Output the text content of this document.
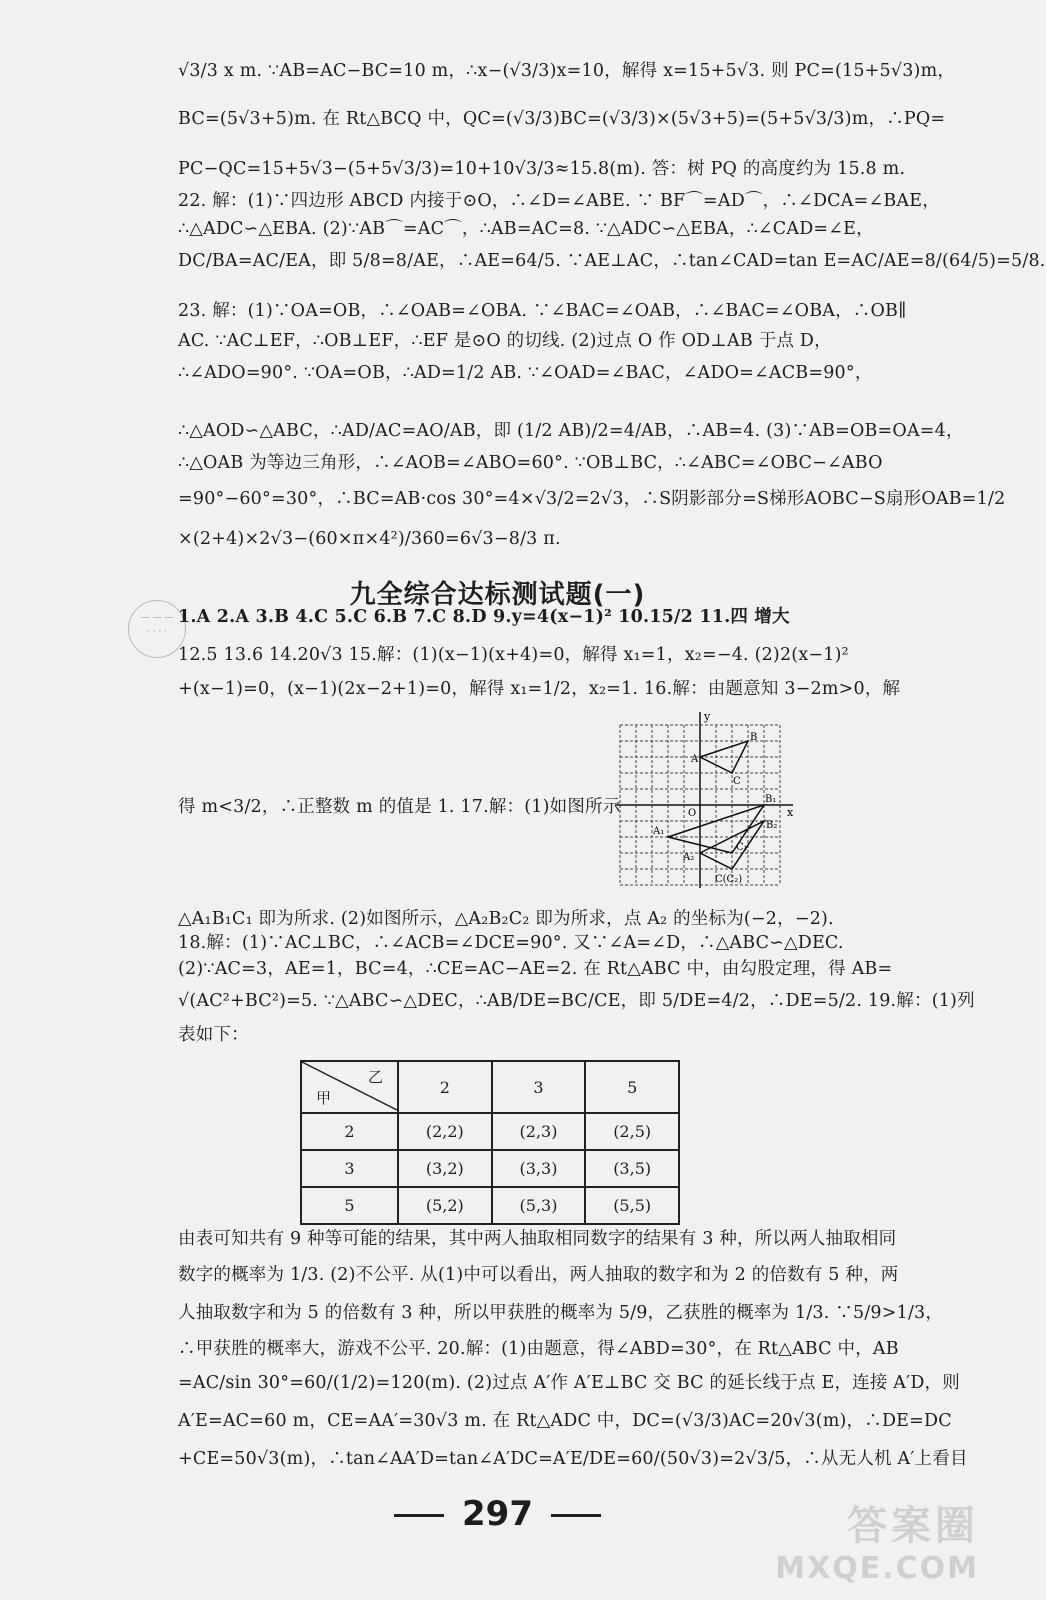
√3/3 x m. ∵AB=AC−BC=10 m，∴x−(√3/3)x=10，解得 x=15+5√3. 则 PC=(15+5√3)m，
BC=(5√3+5)m. 在 Rt△BCQ 中，QC=(√3/3)BC=(√3/3)×(5√3+5)=(5+5√3/3)m，∴PQ=
PC−QC=15+5√3−(5+5√3/3)=10+10√3/3≈15.8(m). 答：树 PQ 的高度约为 15.8 m.
22. 解：(1)∵四边形 ABCD 内接于⊙O，∴∠D=∠ABE. ∵ BF⌒=AD⌒，∴∠DCA=∠BAE，
∴△ADC∽△EBA. (2)∵AB⌒=AC⌒，∴AB=AC=8. ∵△ADC∽△EBA，∴∠CAD=∠E，
DC/BA=AC/EA，即 5/8=8/AE，∴AE=64/5. ∵AE⊥AC，∴tan∠CAD=tan E=AC/AE=8/(64/5)=5/8.
23. 解：(1)∵OA=OB，∴∠OAB=∠OBA. ∵∠BAC=∠OAB，∴∠BAC=∠OBA，∴OB∥
AC. ∵AC⊥EF，∴OB⊥EF，∴EF 是⊙O 的切线. (2)过点 O 作 OD⊥AB 于点 D，
∴∠ADO=90°. ∵OA=OB，∴AD=1/2 AB. ∵∠OAD=∠BAC，∠ADO=∠ACB=90°，
∴△AOD∽△ABC，∴AD/AC=AO/AB，即 (1/2 AB)/2=4/AB，∴AB=4. (3)∵AB=OB=OA=4，
∴△OAB 为等边三角形，∴∠AOB=∠ABO=60°. ∵OB⊥BC，∴∠ABC=∠OBC−∠ABO
=90°−60°=30°，∴BC=AB·cos 30°=4×√3/2=2√3，∴S阴影部分=S梯形AOBC−S扇形OAB=1/2
×(2+4)×2√3−(60×π×4²)/360=6√3−8/3 π.
九全综合达标测试题(一)
— — —
· · · ·
1.A 2.A 3.B 4.C 5.C 6.B 7.C 8.D 9.y=4(x−1)² 10.15/2 11.四 增大
12.5 13.6 14.20√3 15.解：(1)(x−1)(x+4)=0，解得 x₁=1，x₂=−4. (2)2(x−1)²
+(x−1)=0，(x−1)(2x−2+1)=0，解得 x₁=1/2，x₂=1. 16.解：由题意知 3−2m>0，解
得 m<3/2，∴正整数 m 的值是 1. 17.解：(1)如图所示
△A₁B₁C₁ 即为所求. (2)如图所示，△A₂B₂C₂ 即为所求，点 A₂ 的坐标为(−2，−2).
18.解：(1)∵AC⊥BC，∴∠ACB=∠DCE=90°. 又∵∠A=∠D，∴△ABC∽△DEC.
(2)∵AC=3，AE=1，BC=4，∴CE=AC−AE=2. 在 Rt△ABC 中，由勾股定理，得 AB=
√(AC²+BC²)=5. ∵△ABC∽△DEC，∴AB/DE=BC/CE，即 5/DE=4/2，∴DE=5/2. 19.解：(1)列
表如下：
y
x
O
B
A
C
B₁
A₁
C₁
A₂
B₂
C(C₂)
乙
甲	2	3	5
2	(2,2)	(2,3)	(2,5)
3	(3,2)	(3,3)	(3,5)
5	(5,2)	(5,3)	(5,5)
由表可知共有 9 种等可能的结果，其中两人抽取相同数字的结果有 3 种，所以两人抽取相同
数字的概率为 1/3. (2)不公平. 从(1)中可以看出，两人抽取的数字和为 2 的倍数有 5 种，两
人抽取数字和为 5 的倍数有 3 种，所以甲获胜的概率为 5/9，乙获胜的概率为 1/3. ∵5/9>1/3，
∴甲获胜的概率大，游戏不公平. 20.解：(1)由题意，得∠ABD=30°，在 Rt△ABC 中，AB
=AC/sin 30°=60/(1/2)=120(m). (2)过点 A′作 A′E⊥BC 交 BC 的延长线于点 E，连接 A′D，则
A′E=AC=60 m，CE=AA′=30√3 m. 在 Rt△ADC 中，DC=(√3/3)AC=20√3(m)，∴DE=DC
+CE=50√3(m)，∴tan∠AA′D=tan∠A′DC=A′E/DE=60/(50√3)=2√3/5，∴从无人机 A′上看目
297	答案圈
MXQE.COM
